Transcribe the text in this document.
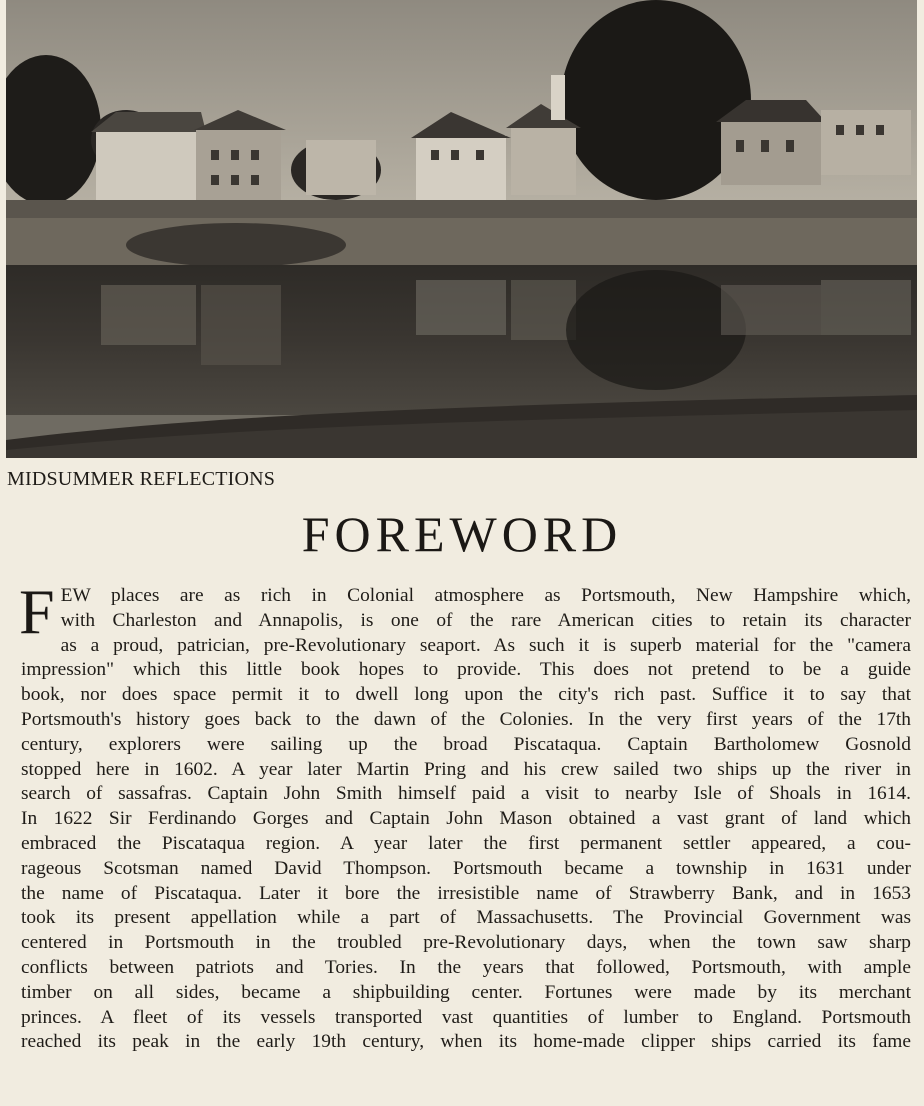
MIDSUMMER REFLECTIONS
FOREWORD
F EW places are as rich in Colonial atmosphere as Portsmouth, New Hampshire which,
with Charleston and Annapolis, is one of the rare American cities to retain its character
as a proud, patrician, pre-Revolutionary seaport. As such it is superb material for the "camera
impression" which this little book hopes to provide. This does not pretend to be a guide
book, nor does space permit it to dwell long upon the city's rich past. Suffice it to say that
Portsmouth's history goes back to the dawn of the Colonies. In the very first years of the 17th
century, explorers were sailing up the broad Piscataqua. Captain Bartholomew Gosnold
stopped here in 1602. A year later Martin Pring and his crew sailed two ships up the river in
search of sassafras. Captain John Smith himself paid a visit to nearby Isle of Shoals in 1614.
In 1622 Sir Ferdinando Gorges and Captain John Mason obtained a vast grant of land which
embraced the Piscataqua region. A year later the first permanent settler appeared, a cou-
rageous Scotsman named David Thompson. Portsmouth became a township in 1631 under
the name of Piscataqua. Later it bore the irresistible name of Strawberry Bank, and in 1653
took its present appellation while a part of Massachusetts. The Provincial Government was
centered in Portsmouth in the troubled pre-Revolutionary days, when the town saw sharp
conflicts between patriots and Tories. In the years that followed, Portsmouth, with ample
timber on all sides, became a shipbuilding center. Fortunes were made by its merchant
princes. A fleet of its vessels transported vast quantities of lumber to England. Portsmouth
reached its peak in the early 19th century, when its home-made clipper ships carried its fame
